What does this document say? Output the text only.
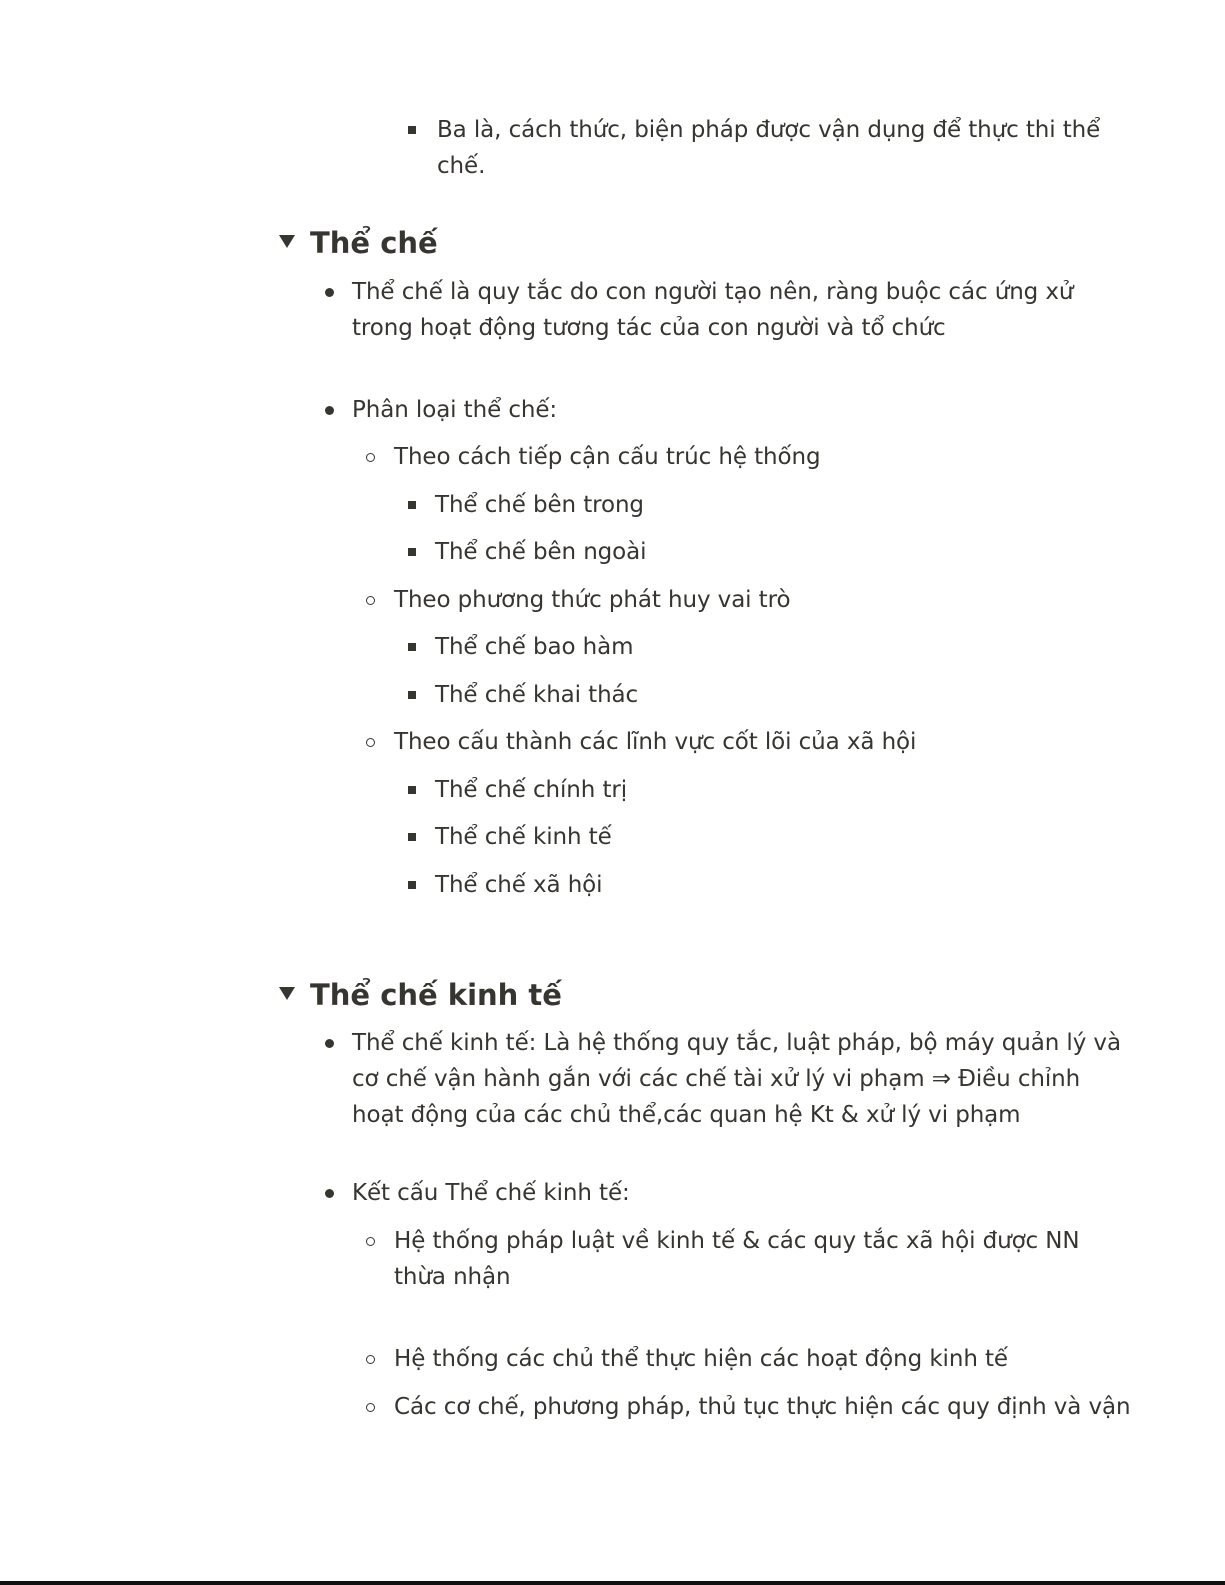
Ba là, cách thức, biện pháp được vận dụng để thực thi thể
chế.
Thể chế
Thể chế là quy tắc do con người tạo nên, ràng buộc các ứng xử
trong hoạt động tương tác của con người và tổ chức
Phân loại thể chế:
Theo cách tiếp cận cấu trúc hệ thống
Thể chế bên trong
Thể chế bên ngoài
Theo phương thức phát huy vai trò
Thể chế bao hàm
Thể chế khai thác
Theo cấu thành các lĩnh vực cốt lõi của xã hội
Thể chế chính trị
Thể chế kinh tế
Thể chế xã hội
Thể chế kinh tế
Thể chế kinh tế: Là hệ thống quy tắc, luật pháp, bộ máy quản lý và
cơ chế vận hành gắn với các chế tài xử lý vi phạm ⇒ Điều chỉnh
hoạt động của các chủ thể,các quan hệ Kt & xử lý vi phạm
Kết cấu Thể chế kinh tế:
Hệ thống pháp luật về kinh tế & các quy tắc xã hội được NN
thừa nhận
Hệ thống các chủ thể thực hiện các hoạt động kinh tế
Các cơ chế, phương pháp, thủ tục thực hiện các quy định và vận
